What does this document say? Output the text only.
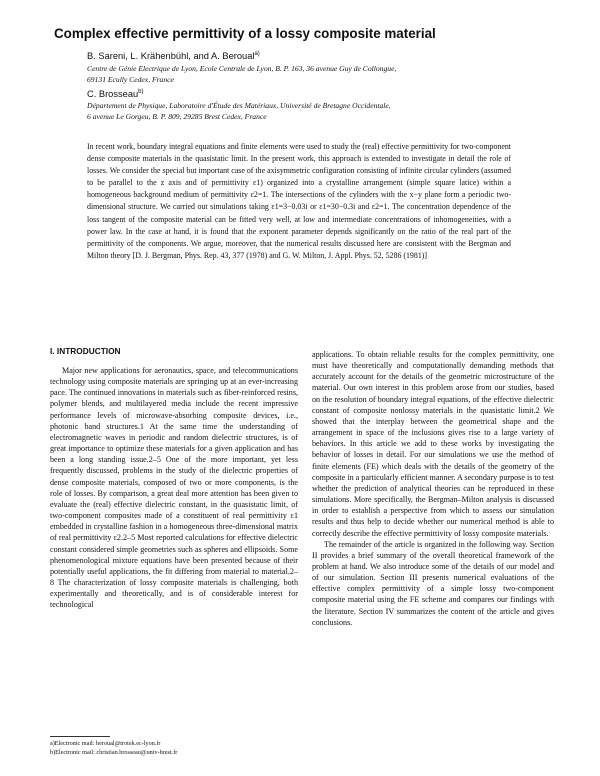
Complex effective permittivity of a lossy composite material
B. Sareni, L. Krähenbühl, and A. Beroual$^{a)}$
Centre de Génie Electrique de Lyon, Ecole Centrale de Lyon, B. P. 163, 36 avenue Guy de Collongue,
69131 Ecully Cedex, France
C. Brosseau$^{b)}$
Département de Physique, Laboratoire d'Étude des Matériaux, Université de Bretagne Occidentale,
6 avenue Le Gorgeu, B. P. 809, 29285 Brest Cedex, France
In recent work, boundary integral equations and finite elements were used to study the (real) effective permittivity for two-component dense composite materials in the quasistatic limit. In the present work, this approach is extended to investigate in detail the role of losses. We consider the special but important case of the axisymmetric configuration consisting of infinite circular cylinders (assumed to be parallel to the z axis and of permittivity ε1) organized into a crystalline arrangement (simple square latice) within a homogeneous background medium of permittivity ε2=1. The intersections of the cylinders with the x−y plane form a periodic two-dimensional structure. We carried out simulations taking ε1=3−0.03i or ε1=30−0.3i and ε2=1. The concentration dependence of the loss tangent of the composite material can be fitted very well, at low and intermediate concentrations of inhomogeneities, with a power law. In the case at hand, it is found that the exponent parameter depends significantly on the ratio of the real part of the permittivity of the components. We argue, moreover, that the numerical results discussed here are consistent with the Bergman and Milton theory [D. J. Bergman, Phys. Rep. 43, 377 (1978) and G. W. Milton, J. Appl. Phys. 52, 5286 (1981)]
I. INTRODUCTION

Major new applications for aeronautics, space, and telecommunications technology using composite materials are springing up at an ever-increasing pace. The continued innovations in materials such as fiber-reinforced resins, polymer blends, and multilayered media include the recent impressive performance levels of microwave-absorbing composite devices, i.e., photonic band structures.1 At the same time the understanding of electromagnetic waves in periodic and random dielectric structures, is of great importance to optimize these materials for a given application and has been a long standing issue.2–5 One of the more important, yet less frequently discussed, problems in the study of the dielectric properties of dense composite materials, composed of two or more components, is the role of losses. By comparison, a great deal more attention has been given to evaluate the (real) effective dielectric constant, in the quasistatic limit, of two-component composites made of a constituent of real permittivity ε1 embedded in crystalline fashion in a homogeneous three-dimensional matrix of real permittivity ε2.2–5 Most reported calculations for effective dielectric constant considered simple geometries such as spheres and ellipsoids. Some phenomenological mixture equations have been presented because of their potentially useful applications, the fit differing from material to material.2–8 The characterization of lossy composite materials is challenging, both experimentally and theoretically, and is of considerable interest for technological

applications. To obtain reliable results for the complex permittivity, one must have theoretically and computationally demanding methods that accurately account for the details of the geometric microstructure of the material. Our own interest in this problem arose from our studies, based on the resolution of boundary integral equations, of the effective dielectric constant of composite nonlossy materials in the quasistatic limit.2 We showed that the interplay between the geometrical shape and the arrangement in space of the inclusions gives rise to a large variety of behaviors. In this article we add to these works by investigating the behavior of losses in detail. For our simulations we use the method of finite elements (FE) which deals with the details of the geometry of the composite in a particularly efficient manner. A secondary purpose is to test whether the prediction of analytical theories can be reproduced in these simulations. More specifically, the Bergman–Milton analysis is discussed in order to establish a perspective from which to assess our simulation results and thus help to decide whether our numerical method is able to correctly describe the effective permittivity of lossy composite materials.

The remainder of the article is organized in the following way. Section II provides a brief summary of the overall theoretical framework of the problem at hand. We also introduce some of the details of our model and of our simulation. Section III presents numerical evaluations of the effective complex permittivity of a simple lossy two-component composite material using the FE scheme and compares our findings with the literature. Section IV summarizes the content of the article and gives conclusions.

a)Electronic mail: beroual@trotek.ec-lyon.fr
b)Electronic mail: christian.brosseau@univ-brest.fr
